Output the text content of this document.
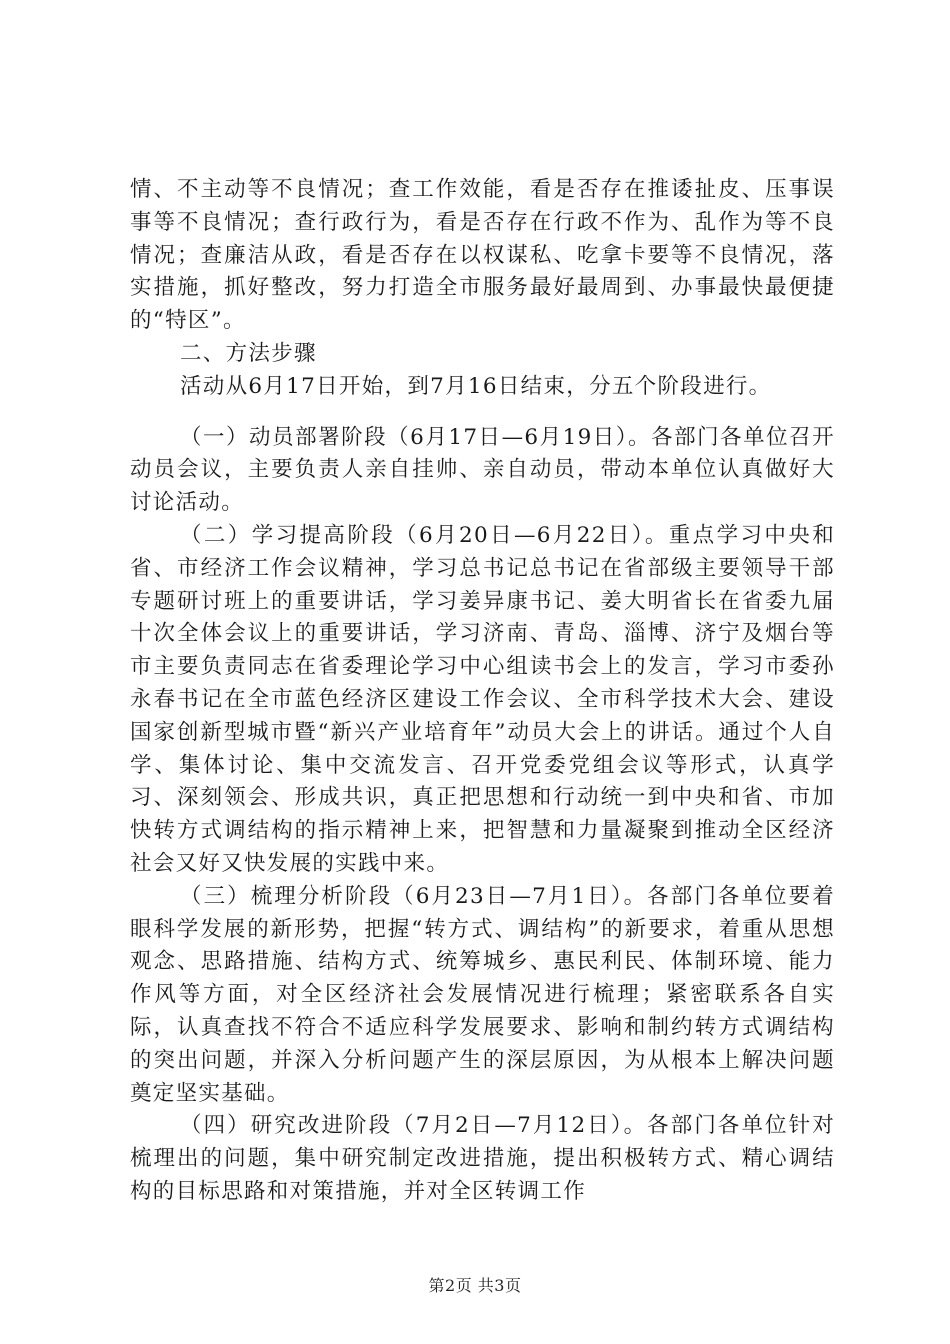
情、不主动等不良情况；查工作效能，看是否存在推诿扯皮、压事误事等不良情况；查行政行为，看是否存在行政不作为、乱作为等不良情况；查廉洁从政，看是否存在以权谋私、吃拿卡要等不良情况，落实措施，抓好整改，努力打造全市服务最好最周到、办事最快最便捷的“特区”。

二、方法步骤

活动从6月17日开始，到7月16日结束，分五个阶段进行。

（一）动员部署阶段（6月17日—6月19日）。各部门各单位召开动员会议，主要负责人亲自挂帅、亲自动员，带动本单位认真做好大讨论活动。

（二）学习提高阶段（6月20日—6月22日）。重点学习中央和省、市经济工作会议精神，学习总书记总书记在省部级主要领导干部专题研讨班上的重要讲话，学习姜异康书记、姜大明省长在省委九届十次全体会议上的重要讲话，学习济南、青岛、淄博、济宁及烟台等市主要负责同志在省委理论学习中心组读书会上的发言，学习市委孙永春书记在全市蓝色经济区建设工作会议、全市科学技术大会、建设国家创新型城市暨“新兴产业培育年”动员大会上的讲话。通过个人自学、集体讨论、集中交流发言、召开党委党组会议等形式，认真学习、深刻领会、形成共识，真正把思想和行动统一到中央和省、市加快转方式调结构的指示精神上来，把智慧和力量凝聚到推动全区经济社会又好又快发展的实践中来。

（三）梳理分析阶段（6月23日—7月1日）。各部门各单位要着眼科学发展的新形势，把握“转方式、调结构”的新要求，着重从思想观念、思路措施、结构方式、统筹城乡、惠民利民、体制环境、能力作风等方面，对全区经济社会发展情况进行梳理；紧密联系各自实际，认真查找不符合不适应科学发展要求、影响和制约转方式调结构的突出问题，并深入分析问题产生的深层原因，为从根本上解决问题奠定坚实基础。

（四）研究改进阶段（7月2日—7月12日）。各部门各单位针对梳理出的问题，集中研究制定改进措施，提出积极转方式、精心调结构的目标思路和对策措施，并对全区转调工作

第2页 共3页
